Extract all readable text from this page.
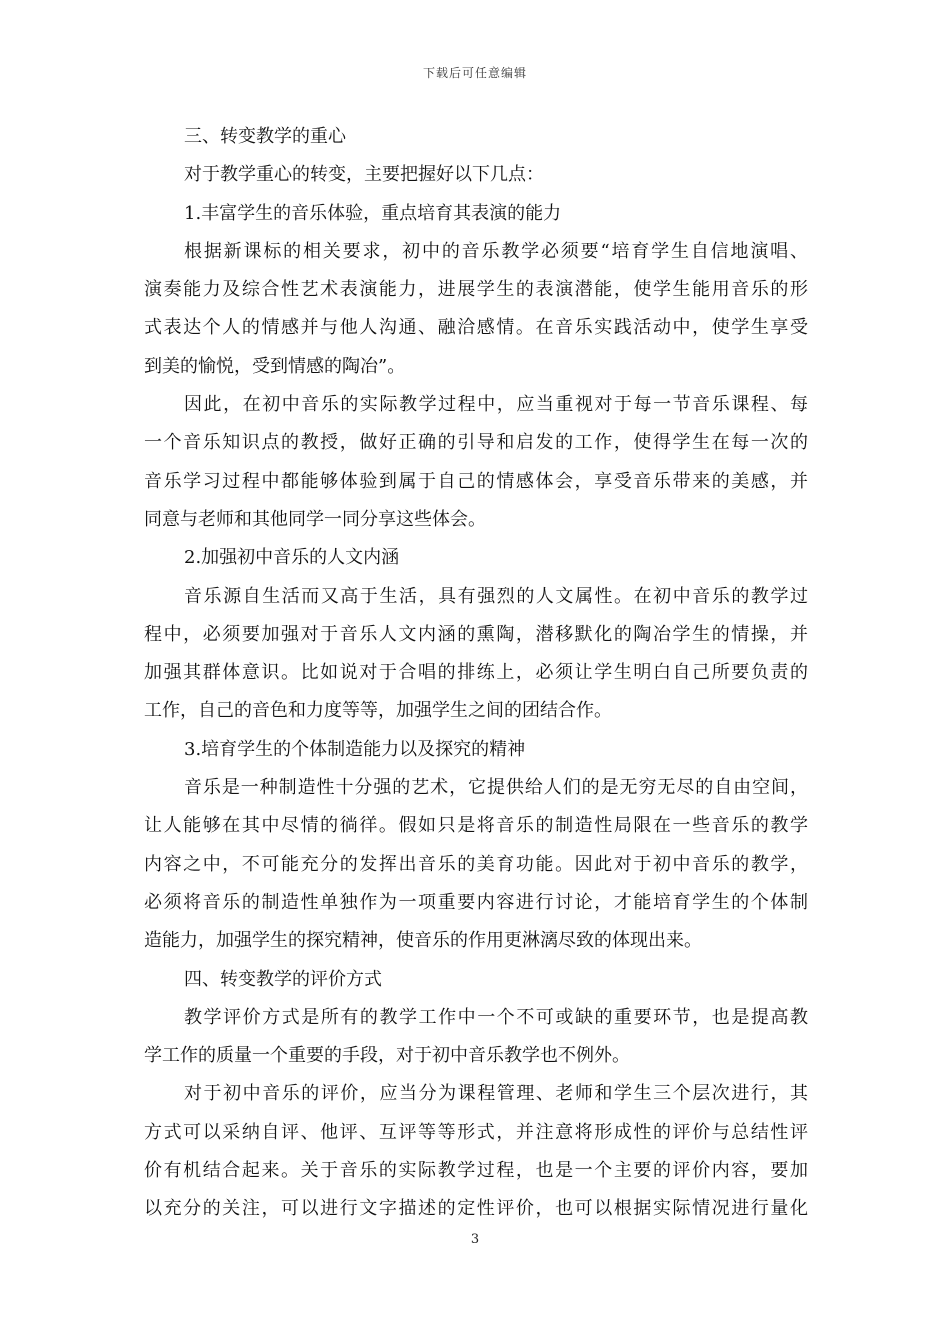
下载后可任意编辑
三、转变教学的重心
对于教学重心的转变，主要把握好以下几点：
1.丰富学生的音乐体验，重点培育其表演的能力
根据新课标的相关要求，初中的音乐教学必须要“培育学生自信地演唱、
演奏能力及综合性艺术表演能力，进展学生的表演潜能，使学生能用音乐的形
式表达个人的情感并与他人沟通、融洽感情。在音乐实践活动中，使学生享受
到美的愉悦，受到情感的陶冶”。
因此，在初中音乐的实际教学过程中，应当重视对于每一节音乐课程、每
一个音乐知识点的教授，做好正确的引导和启发的工作，使得学生在每一次的
音乐学习过程中都能够体验到属于自己的情感体会，享受音乐带来的美感，并
同意与老师和其他同学一同分享这些体会。
2.加强初中音乐的人文内涵
音乐源自生活而又高于生活，具有强烈的人文属性。在初中音乐的教学过
程中，必须要加强对于音乐人文内涵的熏陶，潜移默化的陶冶学生的情操，并
加强其群体意识。比如说对于合唱的排练上，必须让学生明白自己所要负责的
工作，自己的音色和力度等等，加强学生之间的团结合作。
3.培育学生的个体制造能力以及探究的精神
音乐是一种制造性十分强的艺术，它提供给人们的是无穷无尽的自由空间，
让人能够在其中尽情的徜徉。假如只是将音乐的制造性局限在一些音乐的教学
内容之中，不可能充分的发挥出音乐的美育功能。因此对于初中音乐的教学，
必须将音乐的制造性单独作为一项重要内容进行讨论，才能培育学生的个体制
造能力，加强学生的探究精神，使音乐的作用更淋漓尽致的体现出来。
四、转变教学的评价方式
教学评价方式是所有的教学工作中一个不可或缺的重要环节，也是提高教
学工作的质量一个重要的手段，对于初中音乐教学也不例外。
对于初中音乐的评价，应当分为课程管理、老师和学生三个层次进行，其
方式可以采纳自评、他评、互评等等形式，并注意将形成性的评价与总结性评
价有机结合起来。关于音乐的实际教学过程，也是一个主要的评价内容，要加
以充分的关注，可以进行文字描述的定性评价，也可以根据实际情况进行量化
3
